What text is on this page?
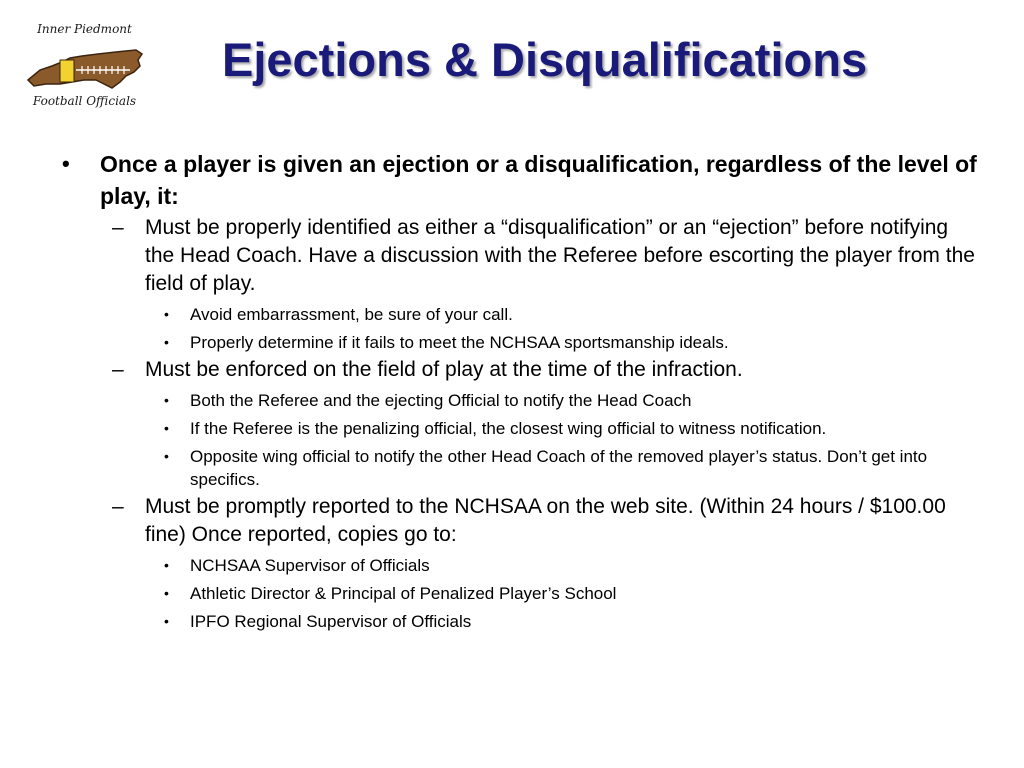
Inner Piedmont
Football Officials
Ejections & Disqualifications
• Once a player is given an ejection or a disqualification, regardless of the level of play, it:
– Must be properly identified as either a “disqualification” or an “ejection” before notifying the Head Coach. Have a discussion with the Referee before escorting the player from the field of play.
• Avoid embarrassment, be sure of your call.
• Properly determine if it fails to meet the NCHSAA sportsmanship ideals.
– Must be enforced on the field of play at the time of the infraction.
• Both the Referee and the ejecting Official to notify the Head Coach
• If the Referee is the penalizing official, the closest wing official to witness notification.
• Opposite wing official to notify the other Head Coach of the removed player’s status. Don’t get into specifics.
– Must be promptly reported to the NCHSAA on the web site. (Within 24 hours / $100.00 fine) Once reported, copies go to:
• NCHSAA Supervisor of Officials
• Athletic Director & Principal of Penalized Player’s School
• IPFO Regional Supervisor of Officials
